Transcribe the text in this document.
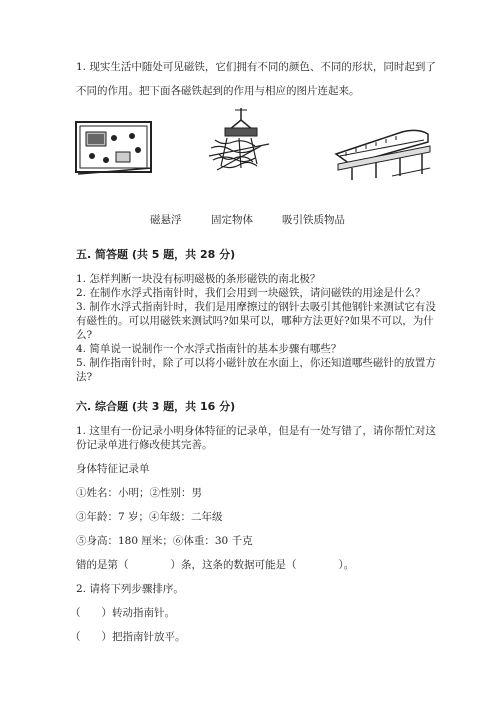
1. 现实生活中随处可见磁铁，它们拥有不同的颜色、不同的形状，同时起到了
不同的作用。把下面各磁铁起到的作用与相应的图片连起来。
磁悬浮	固定物体	吸引铁质物品
五. 简答题 (共 5 题，共 28 分)
1. 怎样判断一块没有标明磁极的条形磁铁的南北极？
2. 在制作水浮式指南针时，我们会用到一块磁铁，请问磁铁的用途是什么？
3. 制作水浮式指南针时，我们是用摩擦过的钢针去吸引其他钢针来测试它有没
有磁性的。可以用磁铁来测试吗?如果可以，哪种方法更好?如果不可以，为什
么?
4. 简单说一说制作一个水浮式指南针的基本步骤有哪些？
5. 制作指南针时，除了可以将小磁针放在水面上，你还知道哪些磁针的放置方
法?
六. 综合题 (共 3 题，共 16 分)
1. 这里有一份记录小明身体特征的记录单，但是有一处写错了，请你帮忙对这
份记录单进行修改使其完善。
身体特征记录单
①姓名：小明；②性别：男
③年龄：7 岁；④年级：二年级
⑤身高：180 厘米；⑥体重：30 千克
错的是第（　　　　）条，这条的数据可能是（　　　　）。
2. 请将下列步骤排序。
（　　）转动指南针。
（　　）把指南针放平。
